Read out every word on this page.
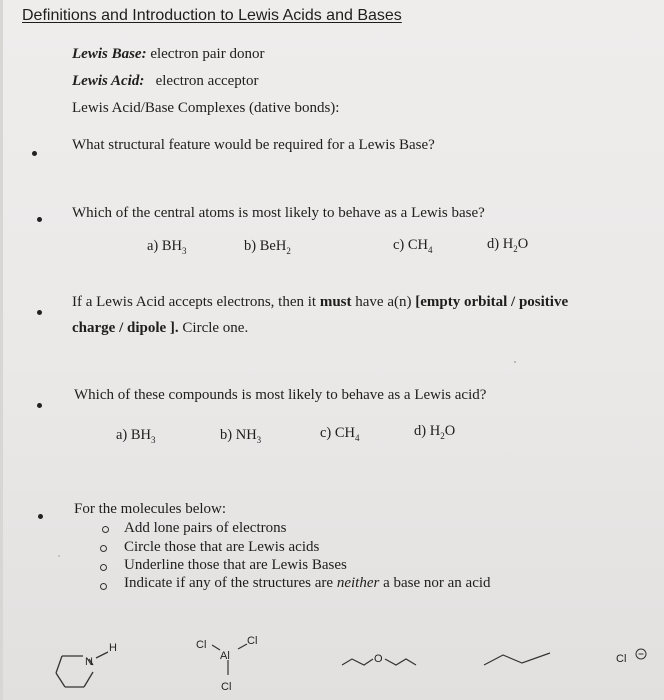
Definitions and Introduction to Lewis Acids and Bases
Lewis Base: electron pair donor
Lewis Acid: electron acceptor
Lewis Acid/Base Complexes (dative bonds):
What structural feature would be required for a Lewis Base?
Which of the central atoms is most likely to behave as a Lewis base?
a) $BH_3$	b) BeH$_2$	c) $CH_4$	d) $H_2O$
If a Lewis Acid accepts electrons, then it must have a(n) [empty orbital / positive
charge / dipole ]. Circle one.
Which of these compounds is most likely to behave as a Lewis acid?
a) $BH_3$	b) $NH_3$	c) $CH_4$	d) $H_2O$
For the molecules below:
Add lone pairs of electrons
Circle those that are Lewis acids
Underline those that are Lewis Bases
Indicate if any of the structures are neither a base nor an acid
N
H	Cl
Al
Cl
Cl
O	Cl
